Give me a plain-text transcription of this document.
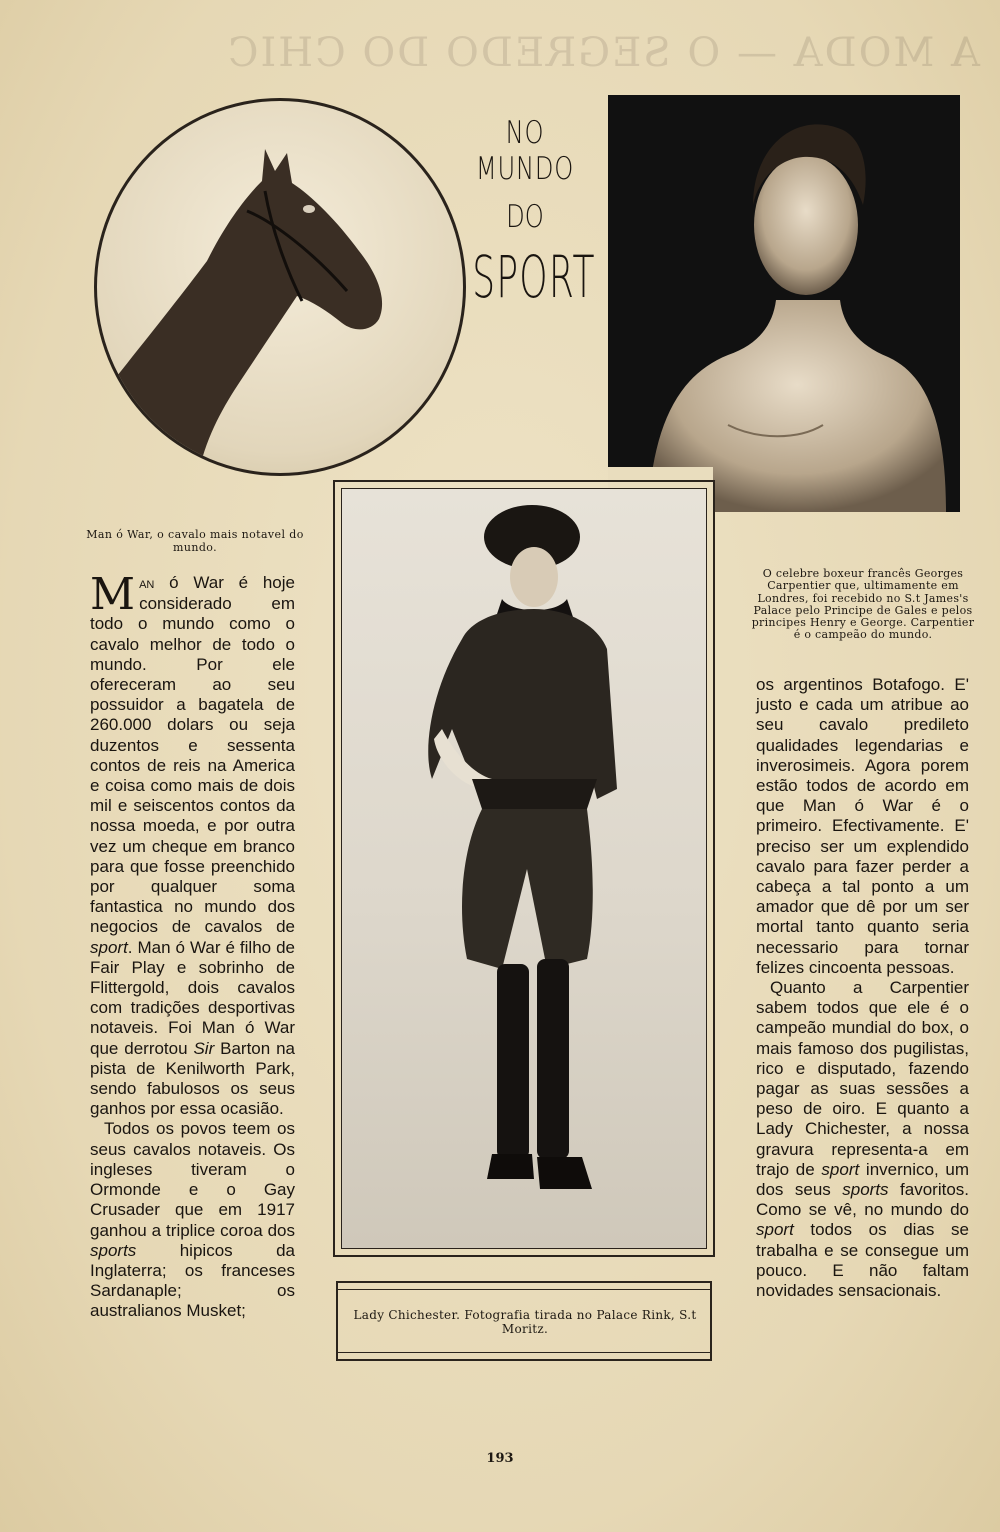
A MODA — O SEGREDO DO CHIC
Man ó War, o cavalo mais notavel do mundo.
NO MUNDO
DO
SPORT
O celebre boxeur francês Georges Carpentier que, ultimamente em Londres, foi recebido no S.t James's Palace pelo Principe de Gales e pelos principes Henry e George. Carpentier é o campeão do mundo.
Lady Chichester. Fotografia tirada no Palace Rink, S.t Moritz.

Man ó War é hoje considerado em todo o mundo como o cavalo melhor de todo o mundo. Por ele ofereceram ao seu possuidor a bagatela de 260.000 dolars ou seja duzentos e sessenta contos de reis na America e coisa como mais de dois mil e seiscentos contos da nossa moeda, e por outra vez um cheque em branco para que fosse preenchido por qualquer soma fantastica no mundo dos negocios de cavalos de sport. Man ó War é filho de Fair Play e sobrinho de Flittergold, dois cavalos com tradições desportivas notaveis. Foi Man ó War que derrotou Sir Barton na pista de Kenilworth Park, sendo fabulosos os seus ganhos por essa ocasião.

Todos os povos teem os seus cavalos notaveis. Os ingleses tiveram o Ormonde e o Gay Crusader que em 1917 ganhou a triplice coroa dos sports hipicos da Inglaterra; os franceses Sardanaple; os australianos Musket;

os argentinos Botafogo. E' justo e cada um atribue ao seu cavalo predileto qualidades legendarias e inverosimeis. Agora porem estão todos de acordo em que Man ó War é o primeiro. Efectivamente. E' preciso ser um explendido cavalo para fazer perder a cabeça a tal ponto a um amador que dê por um ser mortal tanto quanto seria necessario para tornar felizes cincoenta pessoas.

Quanto a Carpentier sabem todos que ele é o campeão mundial do box, o mais famoso dos pugilistas, rico e disputado, fazendo pagar as suas sessões a peso de oiro. E quanto a Lady Chichester, a nossa gravura representa-a em trajo de sport invernico, um dos seus sports favoritos. Como se vê, no mundo do sport todos os dias se trabalha e se consegue um pouco. E não faltam novidades sensacionais.

193
